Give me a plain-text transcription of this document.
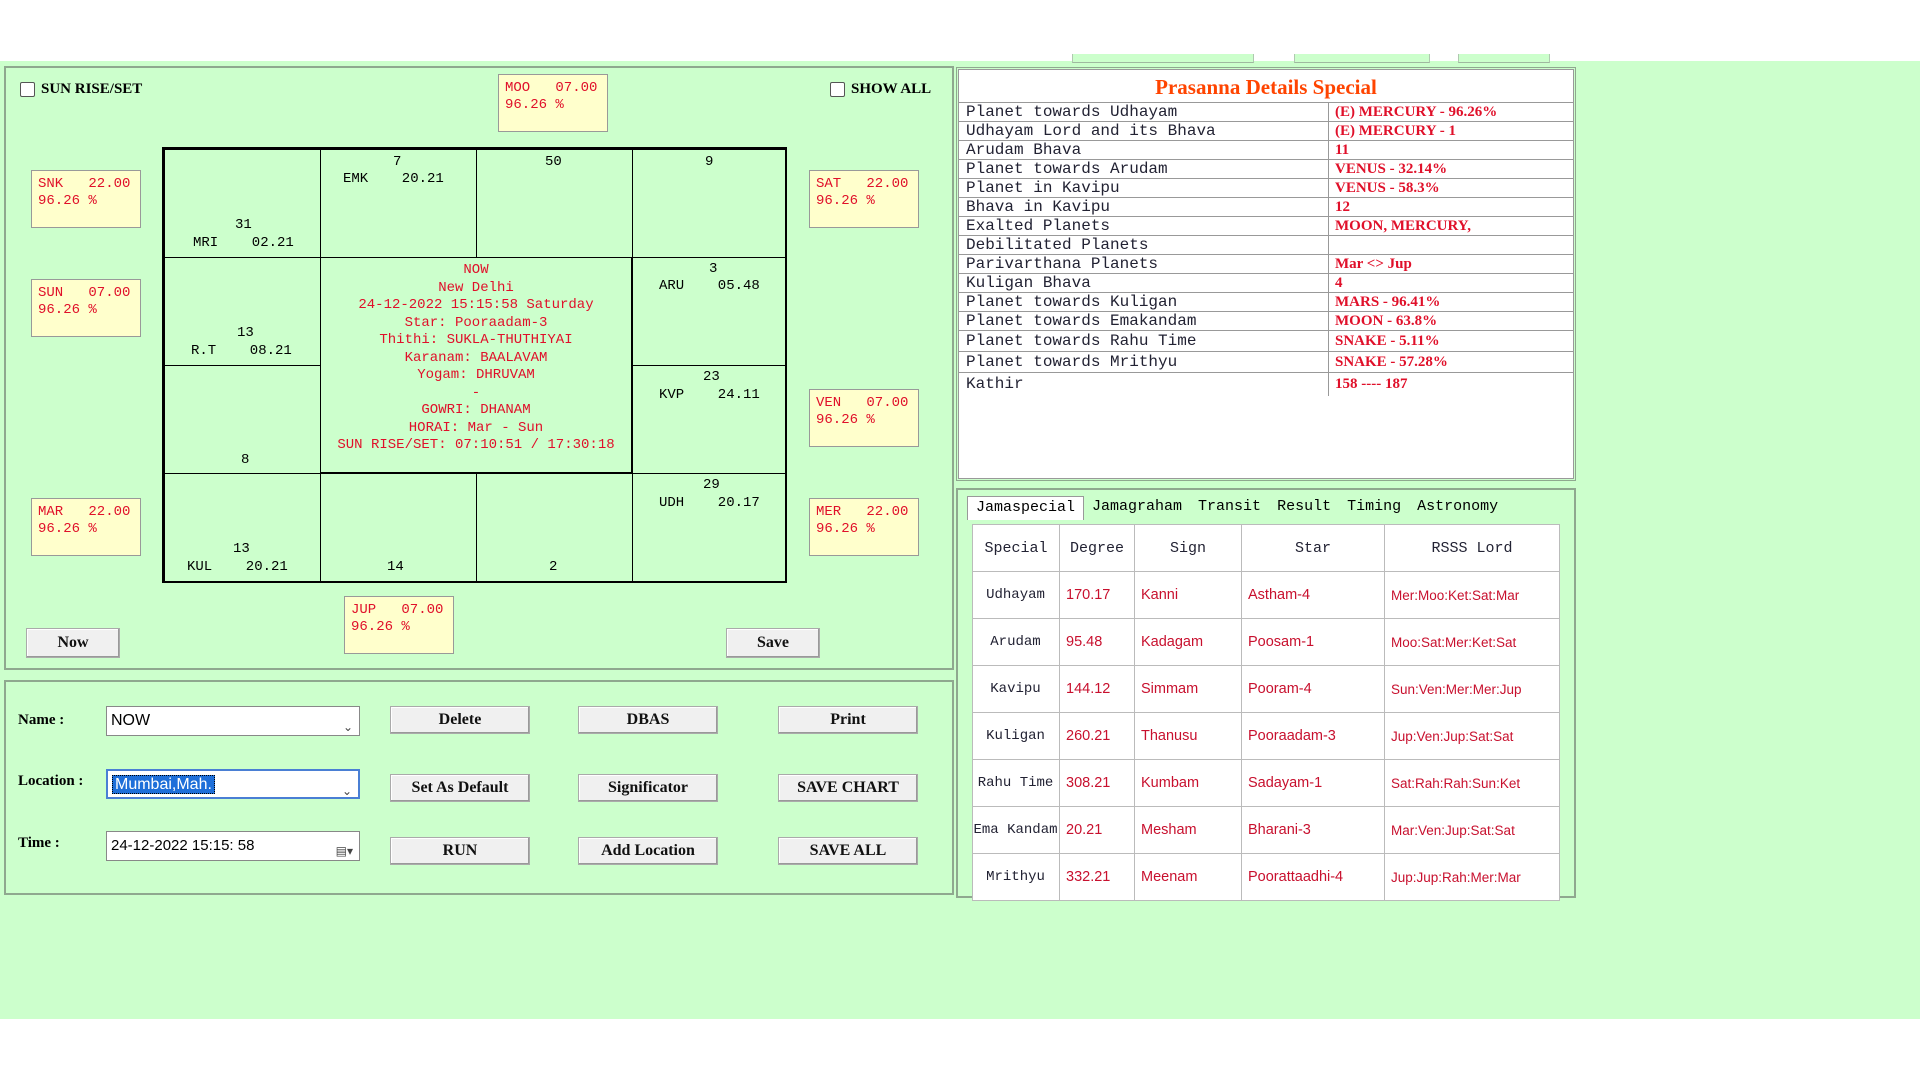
SUN RISE/SET	SHOW ALL
MOO   07.00
96.26 %
SNK   22.00
96.26 %
SUN   07.00
96.26 %
MAR   22.00
96.26 %
SAT   22.00
96.26 %
VEN   07.00
96.26 %
MER   22.00
96.26 %
JUP   07.00
96.26 %
Now	Save
31
MRI    02.21
7
EMK    20.21
50	9
13
R.T    08.21
3
ARU    05.48
8
23
KVP    24.11
13
KUL    20.21	14	2
29
UDH    20.17
NOW
New Delhi
24-12-2022 15:15:58 Saturday
Star: Pooraadam-3
Thithi: SUKLA-THUTHIYAI
Karanam: BAALAVAM
Yogam: DHRUVAM
-
GOWRI: DHANAM
HORAI: Mar - Sun
SUN RISE/SET: 07:10:51 / 17:30:18
Name :	NOW	⌄
Location :	Mumbai,Mah.	⌄
Time :	24-12-2022 15:15: 58	▤▾
Delete	DBAS	Print
Set As Default	Significator	SAVE CHART
RUN	Add Location	SAVE ALL
Prasanna Details Special
Planet towards Udhayam	(E) MERCURY - 96.26%
Udhayam Lord and its Bhava	(E) MERCURY - 1
Arudam Bhava	11
Planet towards Arudam	VENUS - 32.14%
Planet in Kavipu	VENUS - 58.3%
Bhava in Kavipu	12
Exalted Planets	MOON, MERCURY,
Debilitated Planets
Parivarthana Planets	Mar <> Jup
Kuligan Bhava	4
Planet towards Kuligan	MARS - 96.41%
Planet towards Emakandam	MOON - 63.8%
Planet towards Rahu Time	SNAKE - 5.11%
Planet towards Mrithyu	SNAKE - 57.28%
Kathir	158 ---- 187
Jamaspecial	Jamagraham	Transit	Result	Timing	Astronomy
Special	Degree	Sign	Star	RSSS Lord
Udhayam	170.17	Kanni	Astham-4	Mer:Moo:Ket:Sat:Mar
Arudam	95.48	Kadagam	Poosam-1	Moo:Sat:Mer:Ket:Sat
Kavipu	144.12	Simmam	Pooram-4	Sun:Ven:Mer:Mer:Jup
Kuligan	260.21	Thanusu	Pooraadam-3	Jup:Ven:Jup:Sat:Sat
Rahu Time	308.21	Kumbam	Sadayam-1	Sat:Rah:Rah:Sun:Ket
Ema Kandam	20.21	Mesham	Bharani-3	Mar:Ven:Jup:Sat:Sat
Mrithyu	332.21	Meenam	Poorattaadhi-4	Jup:Jup:Rah:Mer:Mar
